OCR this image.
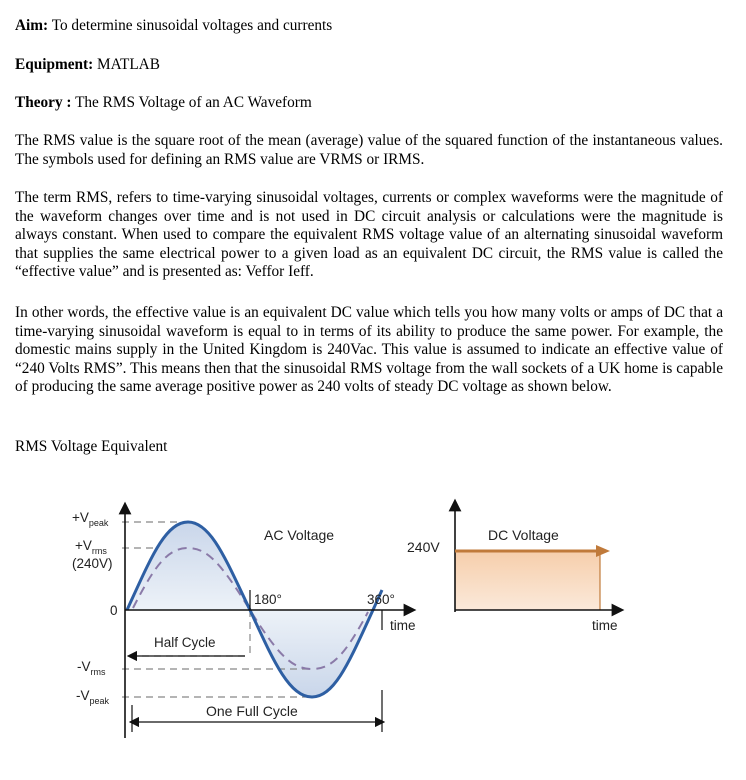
Aim: To determine sinusoidal voltages and currents

Equipment: MATLAB

Theory : The RMS Voltage of an AC Waveform

The RMS value is the square root of the mean (average) value of the squared function of the instantaneous values. The symbols used for defining an RMS value are VRMS or IRMS.

The term RMS, refers to time-varying sinusoidal voltages, currents or complex waveforms were the magnitude of the waveform changes over time and is not used in DC circuit analysis or calculations were the magnitude is always constant. When used to compare the equivalent RMS voltage value of an alternating sinusoidal waveform that supplies the same electrical power to a given load as an equivalent DC circuit, the RMS value is called the “effective value” and is presented as: Veffor Ieff.

In other words, the effective value is an equivalent DC value which tells you how many volts or amps of DC that a time-varying sinusoidal waveform is equal to in terms of its ability to produce the same power. For example, the domestic mains supply in the United Kingdom is 240Vac. This value is assumed to indicate an effective value of “240 Volts RMS”. This means then that the sinusoidal RMS voltage from the wall sockets of a UK home is capable of producing the same average positive power as 240 volts of steady DC voltage as shown below.

RMS Voltage Equivalent

AC Voltage	DC Voltage
240V
$+V_{peak}$
$+V_{rms}$
(240V)
0
$-V_{rms}$
$-V_{peak}$
180°	360°
time	time
Half Cycle
One Full Cycle
